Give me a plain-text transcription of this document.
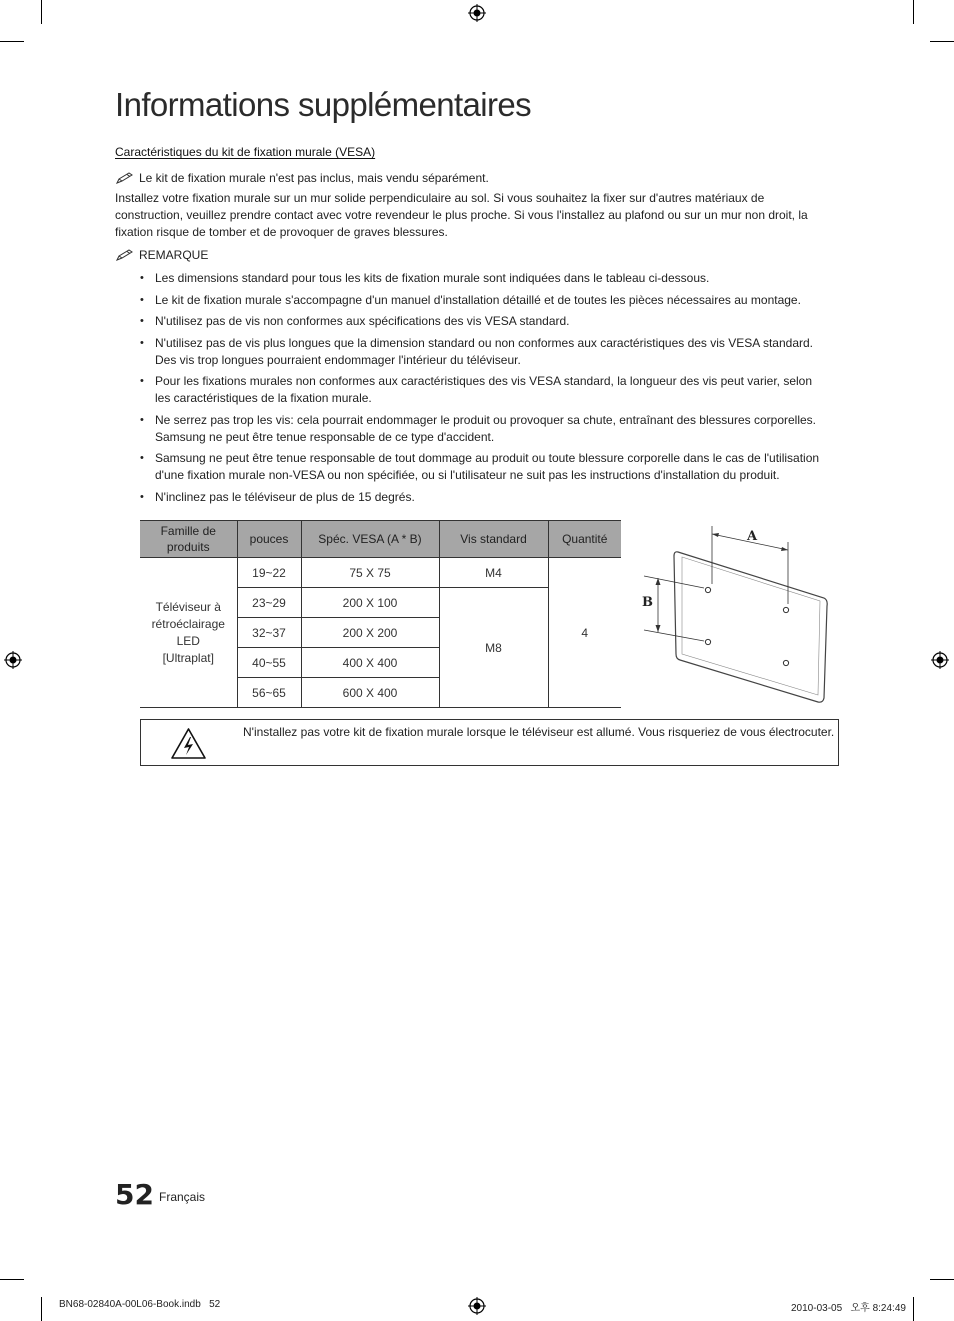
Informations supplémentaires
Caractéristiques du kit de fixation murale (VESA)
Le kit de fixation murale n'est pas inclus, mais vendu séparément.
Installez votre fixation murale sur un mur solide perpendiculaire au sol. Si vous souhaitez la fixer sur d'autres matériaux de construction, veuillez prendre contact avec votre revendeur le plus proche. Si vous l'installez au plafond ou sur un mur non droit, la fixation risque de tomber et de provoquer de graves blessures.
REMARQUE
• Les dimensions standard pour tous les kits de fixation murale sont indiquées dans le tableau ci-dessous.
• Le kit de fixation murale s'accompagne d'un manuel d'installation détaillé et de toutes les pièces nécessaires au montage.
• N'utilisez pas de vis non conformes aux spécifications des vis VESA standard.
• N'utilisez pas de vis plus longues que la dimension standard ou non conformes aux caractéristiques des vis VESA standard. Des vis trop longues pourraient endommager l'intérieur du téléviseur.
• Pour les fixations murales non conformes aux caractéristiques des vis VESA standard, la longueur des vis peut varier, selon les caractéristiques de la fixation murale.
• Ne serrez pas trop les vis: cela pourrait endommager le produit ou provoquer sa chute, entraînant des blessures corporelles. Samsung ne peut être tenue responsable de ce type d'accident.
• Samsung ne peut être tenue responsable de tout dommage au produit ou toute blessure corporelle dans le cas de l'utilisation d'une fixation murale non-VESA ou non spécifiée, ou si l'utilisateur ne suit pas les instructions d'installation du produit.
• N'inclinez pas le téléviseur de plus de 15 degrés.
Famille de produits	pouces	Spéc. VESA (A * B)	Vis standard	Quantité
Téléviseur à rétroéclairage LED [Ultraplat]	19~22	75 X 75	M4	4
	23~29	200 X 100	M8	
	32~37	200 X 200		
	40~55	400 X 400		
	56~65	600 X 400		
A
B
N'installez pas votre kit de fixation murale lorsque le téléviseur est allumé. Vous risqueriez de vous électrocuter.
52 Français
BN68-02840A-00L06-Book.indb   52	2010-03-05   오후 8:24:49
